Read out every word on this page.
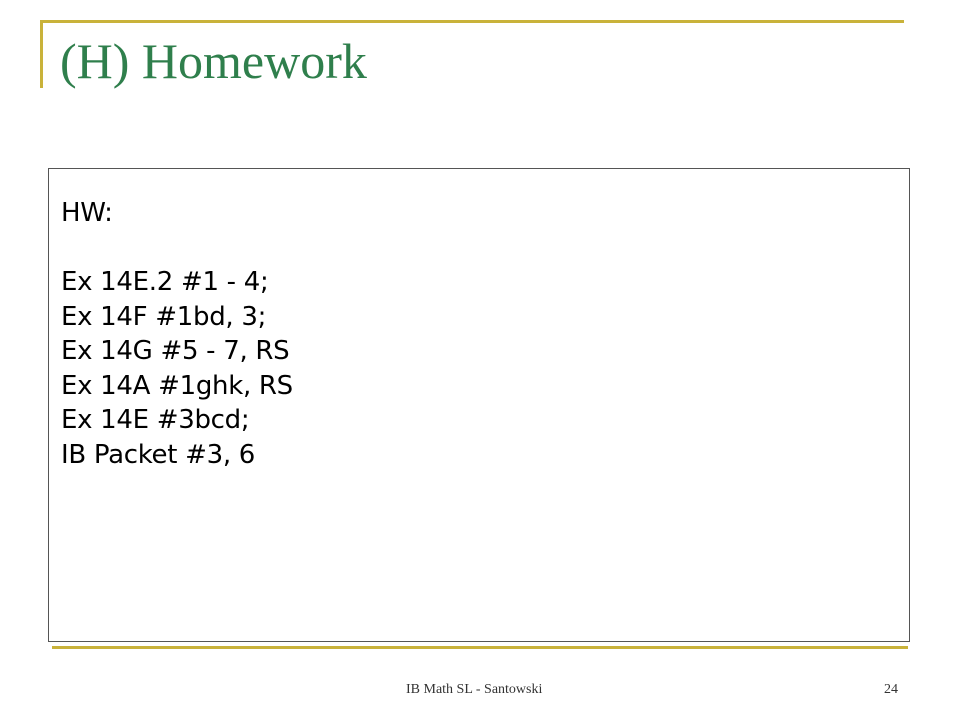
(H) Homework
HW:
Ex 14E.2 #1 - 4;
Ex 14F #1bd, 3;
Ex 14G #5 - 7, RS
Ex 14A #1ghk, RS
Ex 14E #3bcd;
IB Packet #3, 6
IB Math SL - Santowski	24
